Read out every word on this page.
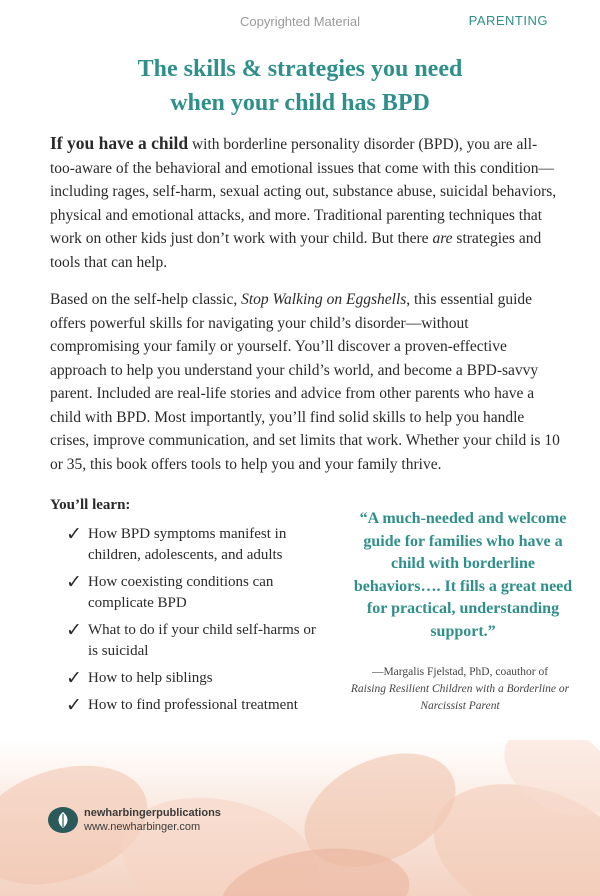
Copyrighted Material	PARENTING
The skills & strategies you need
when your child has BPD

If you have a child with borderline personality disorder (BPD), you are all-too-aware of the behavioral and emotional issues that come with this condition—including rages, self-harm, sexual acting out, substance abuse, suicidal behaviors, physical and emotional attacks, and more. Traditional parenting techniques that work on other kids just don’t work with your child. But there are strategies and tools that can help.

Based on the self-help classic, Stop Walking on Eggshells, this essential guide offers powerful skills for navigating your child’s disorder—without compromising your family or yourself. You’ll discover a proven-effective approach to help you understand your child’s world, and become a BPD-savvy parent. Included are real-life stories and advice from other parents who have a child with BPD. Most importantly, you’ll find solid skills to help you handle crises, improve communication, and set limits that work. Whether your child is 10 or 35, this book offers tools to help you and your family thrive.

You’ll learn:
✓ How BPD symptoms manifest in children, adolescents, and adults
✓ How coexisting conditions can complicate BPD
✓ What to do if your child self-harms or is suicidal
✓ How to help siblings
✓ How to find professional treatment
“A much-needed and welcome guide for families who have a child with borderline behaviors…. It fills a great need for practical, understanding support.”
—Margalis Fjelstad, PhD, coauthor of
Raising Resilient Children with a Borderline or Narcissist Parent
newharbingerpublications
www.newharbinger.com
